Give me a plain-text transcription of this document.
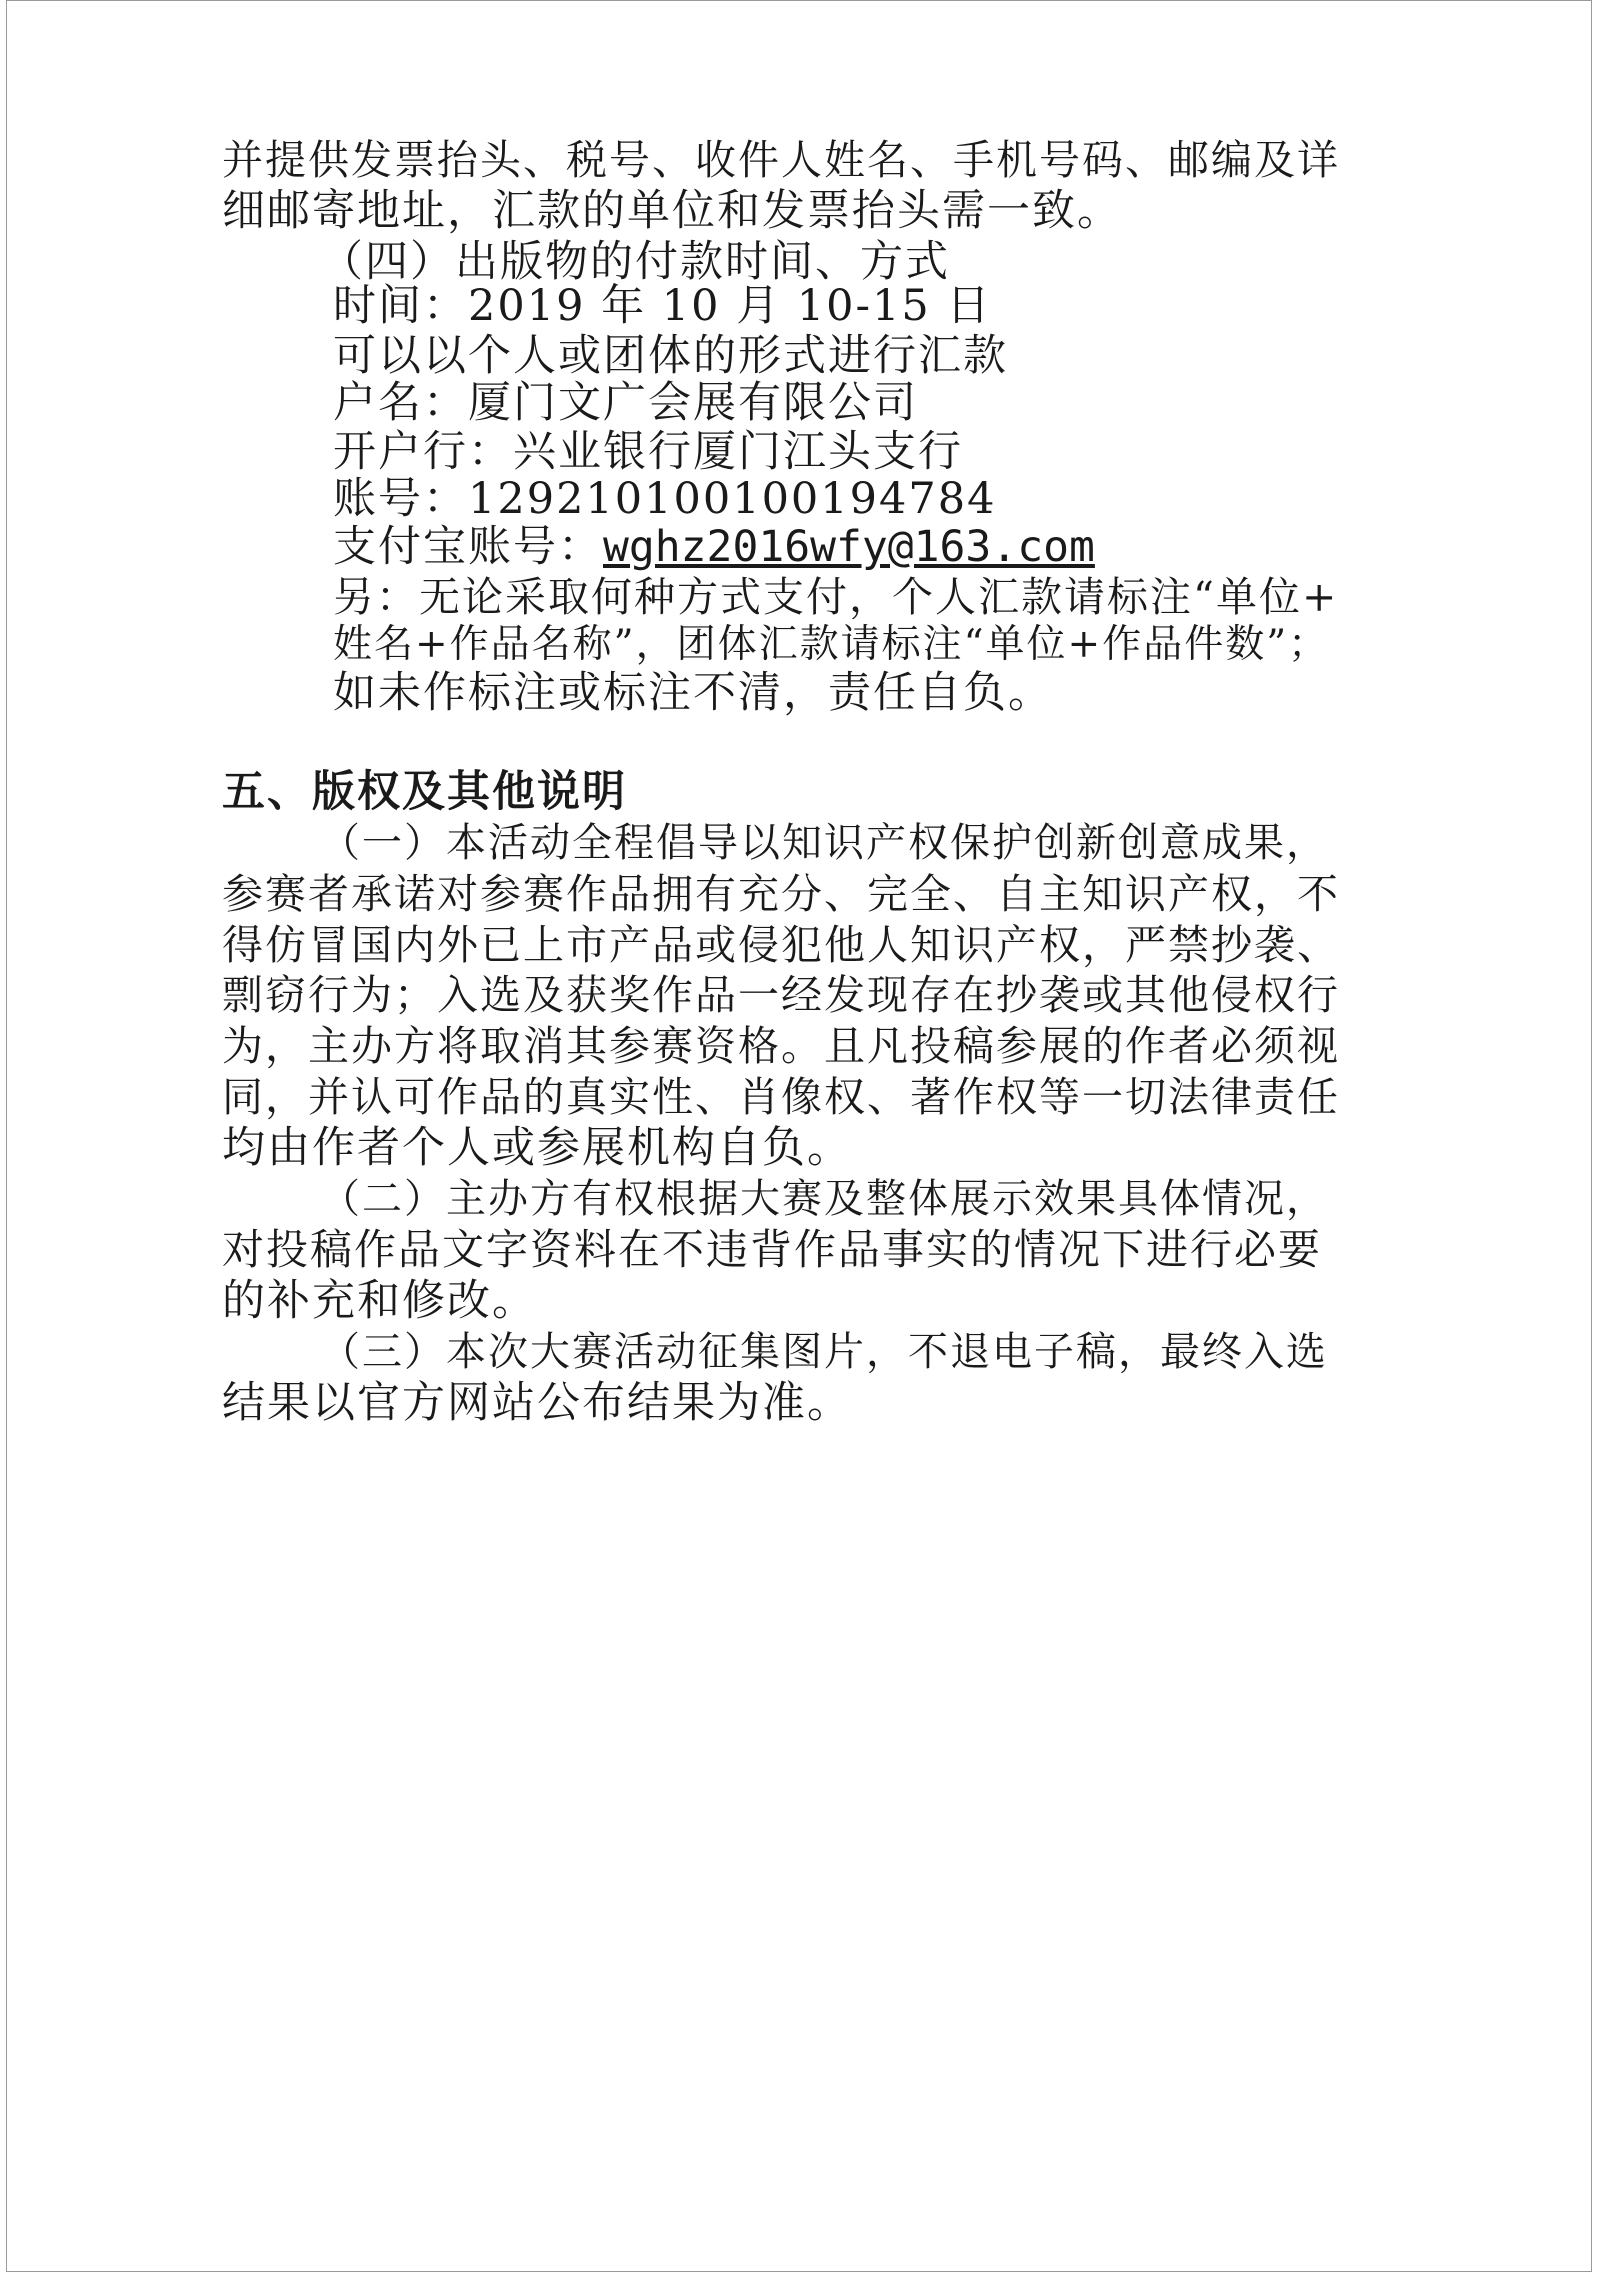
并提供发票抬头、税号、收件人姓名、手机号码、邮编及详
细邮寄地址，汇款的单位和发票抬头需一致。
（四）出版物的付款时间、方式
时间：2019 年 10 月 10-15 日
可以以个人或团体的形式进行汇款
户名：厦门文广会展有限公司
开户行：兴业银行厦门江头支行
账号：129210100100194784
支付宝账号：wghz2016wfy@163.com
另：无论采取何种方式支付，个人汇款请标注“单位+
姓名+作品名称”，团体汇款请标注“单位+作品件数”；
如未作标注或标注不清，责任自负。
五、版权及其他说明
（一）本活动全程倡导以知识产权保护创新创意成果，
参赛者承诺对参赛作品拥有充分、完全、自主知识产权，不
得仿冒国内外已上市产品或侵犯他人知识产权，严禁抄袭、
剽窃行为；入选及获奖作品一经发现存在抄袭或其他侵权行
为，主办方将取消其参赛资格。且凡投稿参展的作者必须视
同，并认可作品的真实性、肖像权、著作权等一切法律责任
均由作者个人或参展机构自负。
（二）主办方有权根据大赛及整体展示效果具体情况，
对投稿作品文字资料在不违背作品事实的情况下进行必要
的补充和修改。
（三）本次大赛活动征集图片，不退电子稿，最终入选
结果以官方网站公布结果为准。
